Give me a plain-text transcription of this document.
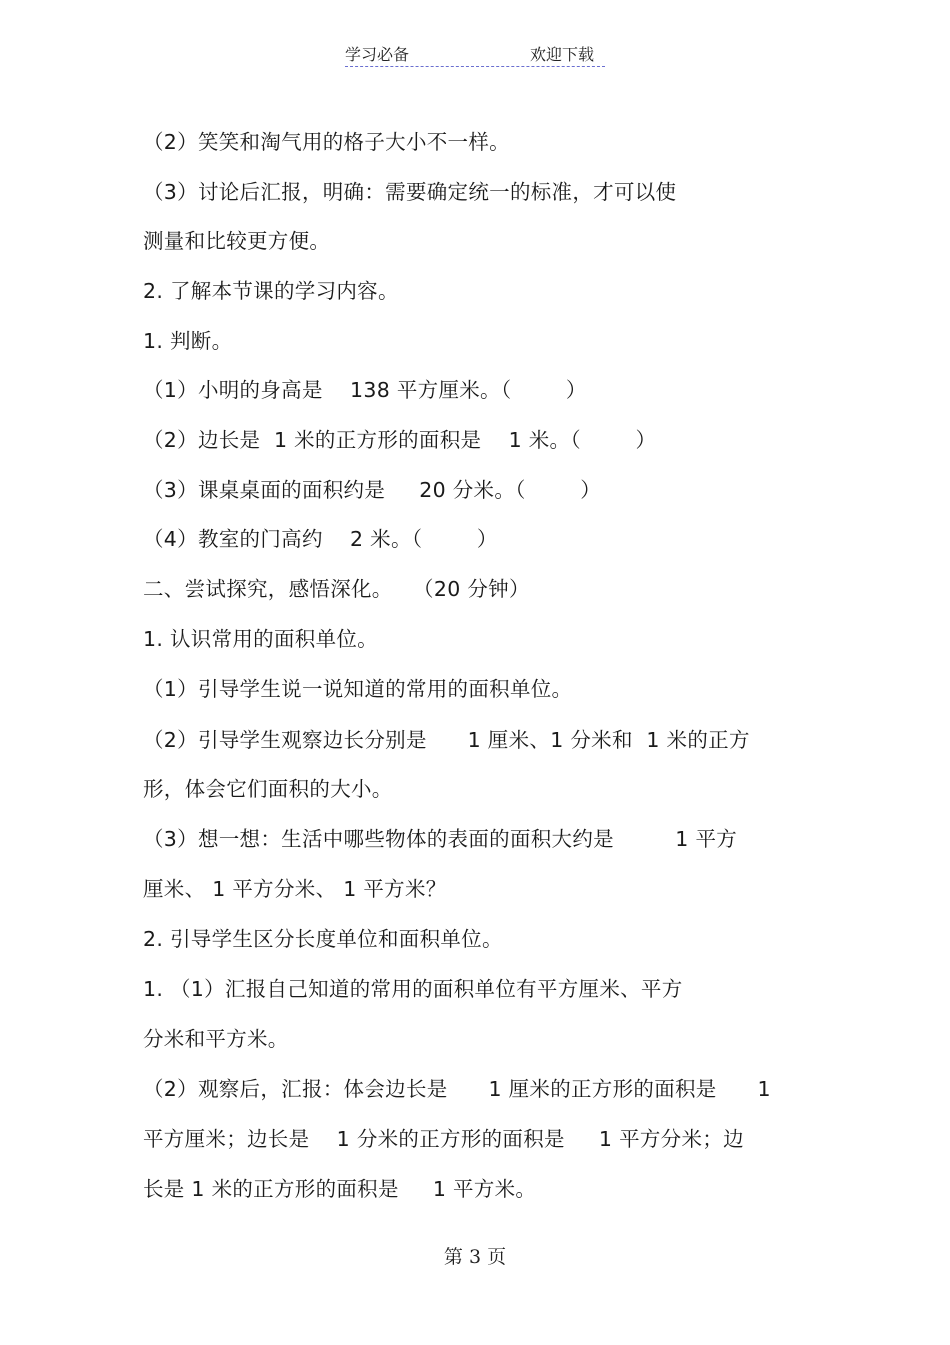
学习必备	欢迎下载
（2）笑笑和淘气用的格子大小不一样。
（3）讨论后汇报，明确：需要确定统一的标准，才可以使
测量和比较更方便。
2. 了解本节课的学习内容。
1. 判断。
（1）小明的身高是    138 平方厘米。（        ）
（2）边长是  1 米的正方形的面积是    1 米。（        ）
（3）课桌桌面的面积约是     20 分米。（        ）
（4）教室的门高约    2 米。（        ）
二、尝试探究，感悟深化。   （20 分钟）
1. 认识常用的面积单位。
（1）引导学生说一说知道的常用的面积单位。
（2）引导学生观察边长分别是      1 厘米、1 分米和  1 米的正方
形，体会它们面积的大小。
（3）想一想：生活中哪些物体的表面的面积大约是         1 平方
厘米、 1 平方分米、 1 平方米？
2. 引导学生区分长度单位和面积单位。
1. （1）汇报自己知道的常用的面积单位有平方厘米、平方
分米和平方米。
（2）观察后，汇报：体会边长是      1 厘米的正方形的面积是      1
平方厘米；边长是    1 分米的正方形的面积是     1 平方分米；边
长是 1 米的正方形的面积是     1 平方米。
第 3 页
